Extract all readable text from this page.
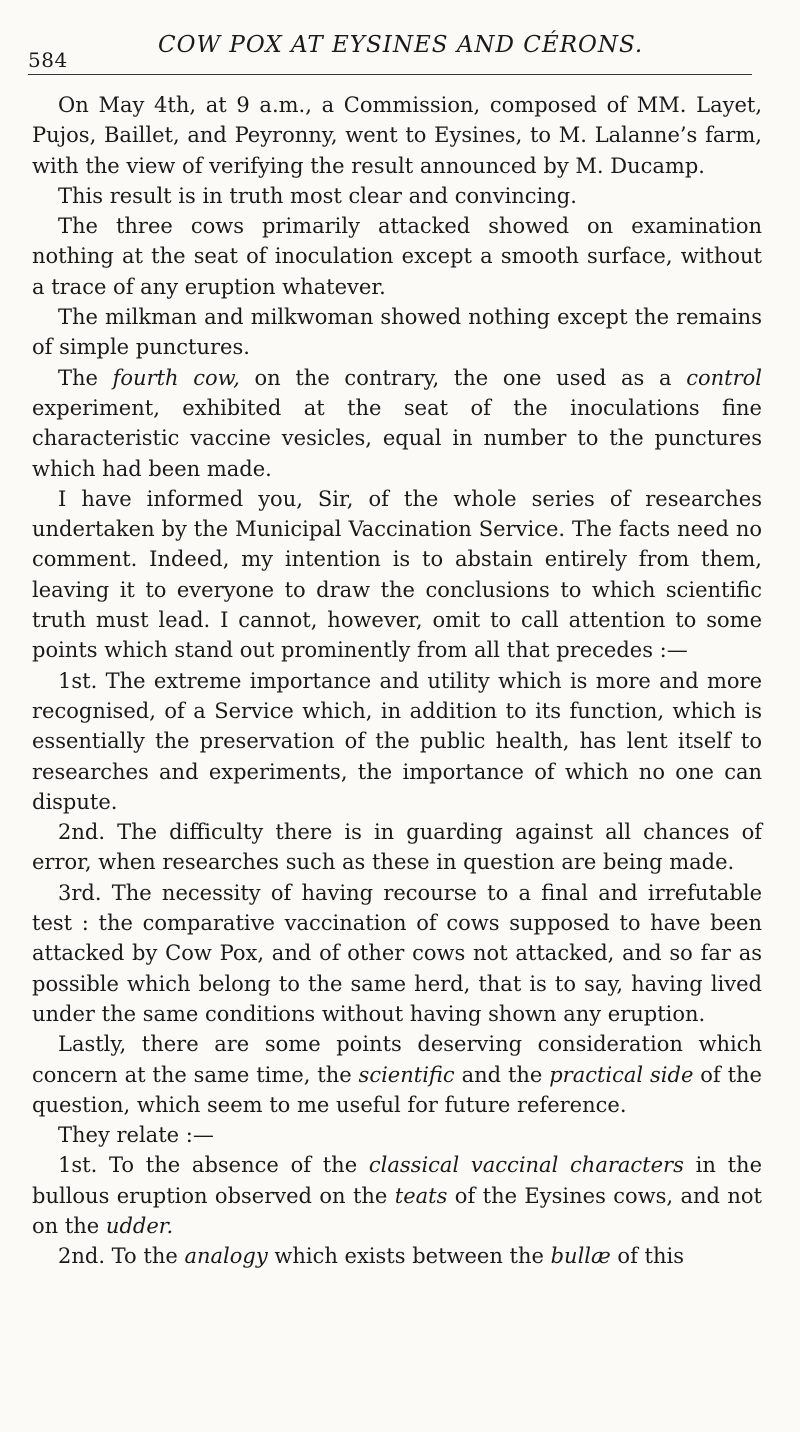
584
COW POX AT EYSINES AND CÉRONS.

On May 4th, at 9 a.m., a Commission, composed of MM. Layet, Pujos, Baillet, and Peyronny, went to Eysines, to M. Lalanne’s farm, with the view of verifying the result announced by M. Ducamp.

This result is in truth most clear and convincing.

The three cows primarily attacked showed on examination nothing at the seat of inoculation except a smooth surface, without a trace of any eruption whatever.

The milkman and milkwoman showed nothing except the remains of simple punctures.

The fourth cow, on the contrary, the one used as a control experiment, exhibited at the seat of the inoculations fine characteristic vaccine vesicles, equal in number to the punctures which had been made.

I have informed you, Sir, of the whole series of researches undertaken by the Municipal Vaccination Service. The facts need no comment. Indeed, my intention is to abstain entirely from them, leaving it to everyone to draw the conclusions to which scientific truth must lead. I cannot, however, omit to call attention to some points which stand out prominently from all that precedes :—

1st. The extreme importance and utility which is more and more recognised, of a Service which, in addition to its function, which is essentially the preservation of the public health, has lent itself to researches and experiments, the importance of which no one can dispute.

2nd. The difficulty there is in guarding against all chances of error, when researches such as these in question are being made.

3rd. The necessity of having recourse to a final and irrefutable test : the comparative vaccination of cows supposed to have been attacked by Cow Pox, and of other cows not attacked, and so far as possible which belong to the same herd, that is to say, having lived under the same conditions without having shown any eruption.

Lastly, there are some points deserving consideration which concern at the same time, the scientific and the practical side of the question, which seem to me useful for future reference.

They relate :—

1st. To the absence of the classical vaccinal characters in the bullous eruption observed on the teats of the Eysines cows, and not on the udder.

2nd. To the analogy which exists between the bullæ of this
